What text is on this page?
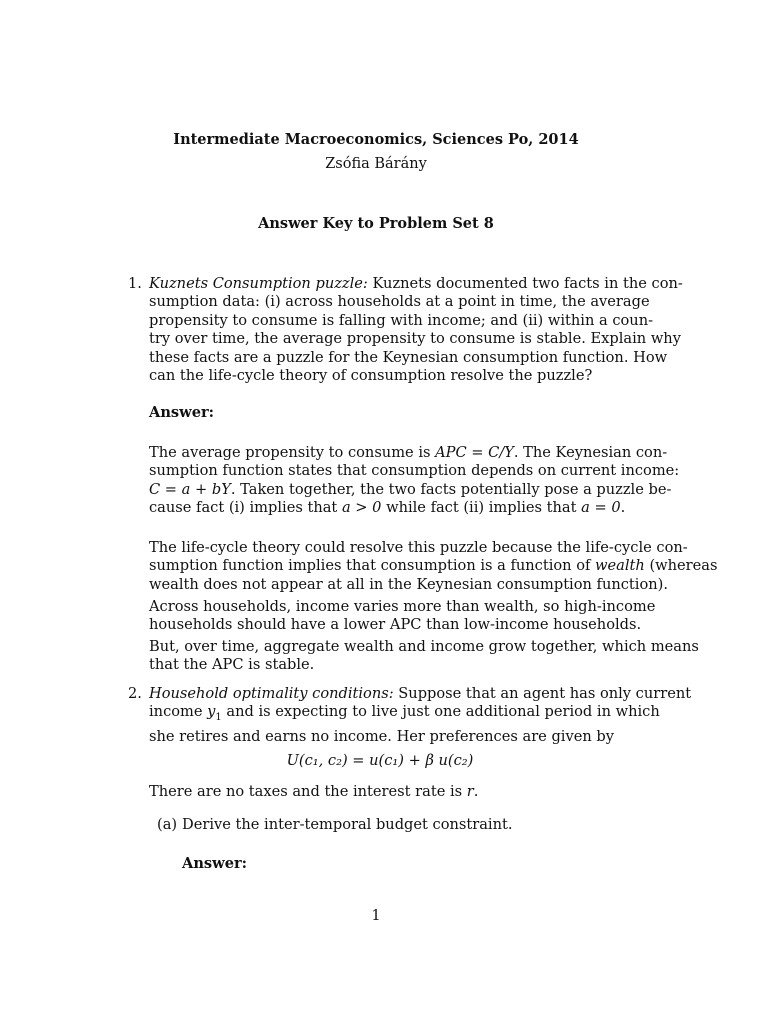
Intermediate Macroeconomics, Sciences Po, 2014
Zsófia Bárány
Answer Key to Problem Set 8
1. Kuznets Consumption puzzle: Kuznets documented two facts in the con-
sumption data: (i) across households at a point in time, the average
propensity to consume is falling with income; and (ii) within a coun-
try over time, the average propensity to consume is stable. Explain why
these facts are a puzzle for the Keynesian consumption function. How
can the life-cycle theory of consumption resolve the puzzle?
Answer:
The average propensity to consume is APC = C/Y. The Keynesian con-
sumption function states that consumption depends on current income:
C = a + bY. Taken together, the two facts potentially pose a puzzle be-
cause fact (i) implies that a > 0 while fact (ii) implies that a = 0.
The life-cycle theory could resolve this puzzle because the life-cycle con-
sumption function implies that consumption is a function of wealth (whereas
wealth does not appear at all in the Keynesian consumption function).
Across households, income varies more than wealth, so high-income
households should have a lower APC than low-income households.
But, over time, aggregate wealth and income grow together, which means
that the APC is stable.
2. Household optimality conditions: Suppose that an agent has only current
income $y_1$ and is expecting to live just one additional period in which
she retires and earns no income. Her preferences are given by
U(c₁, c₂) = u(c₁) + β u(c₂)
There are no taxes and the interest rate is r.
(a) Derive the inter-temporal budget constraint.
Answer:
1
